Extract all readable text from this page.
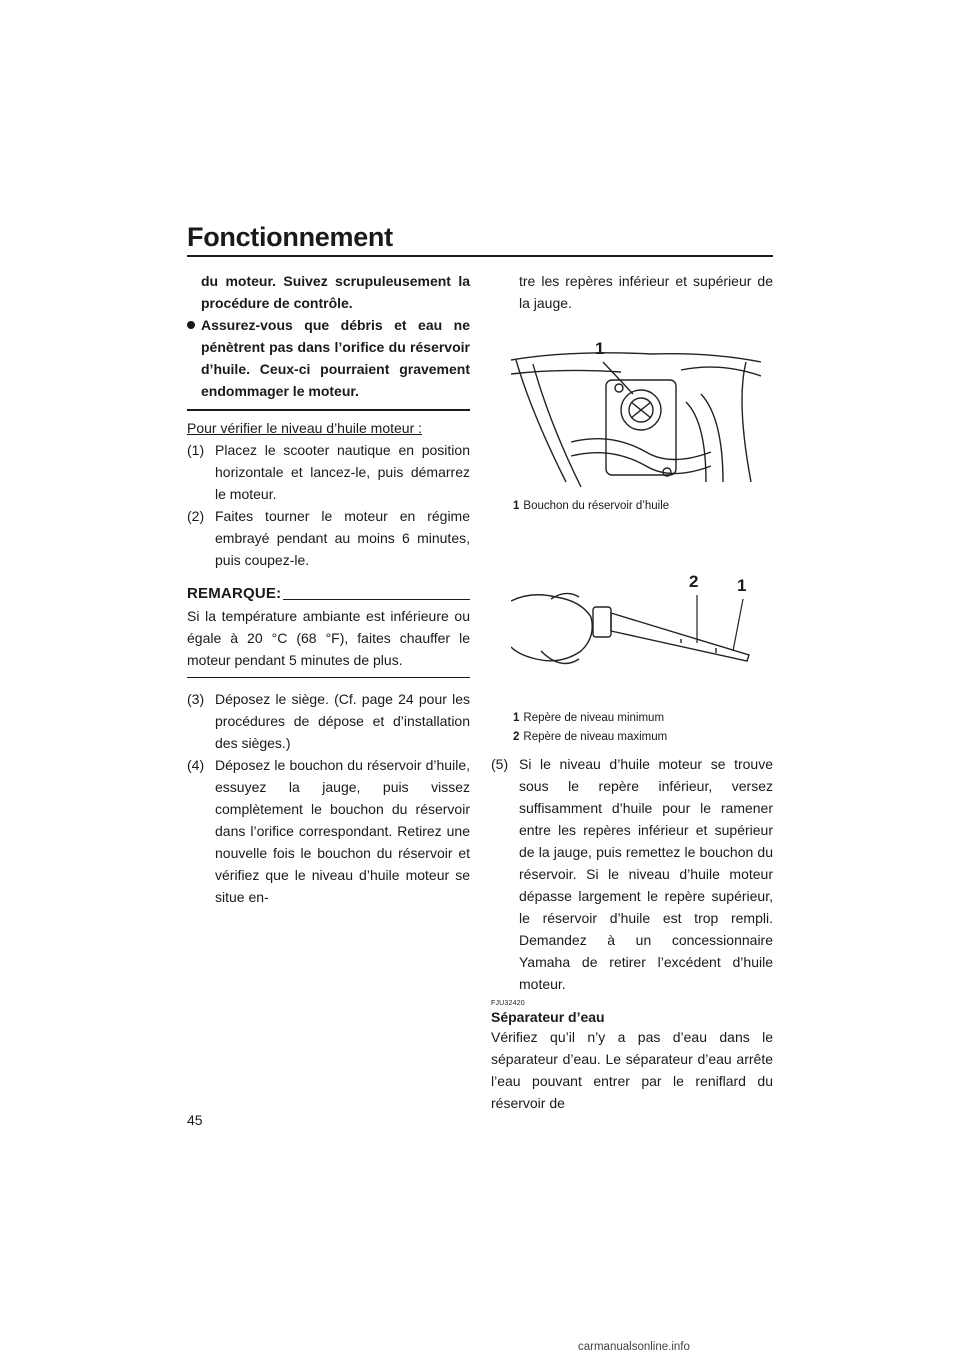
Fonctionnement
du moteur. Suivez scrupuleusement la procédure de contrôle.
Assurez-vous que débris et eau ne pénètrent pas dans l’orifice du réservoir d’huile. Ceux-ci pourraient gravement endommager le moteur.
Pour vérifier le niveau d’huile moteur :
(1) Placez le scooter nautique en position horizontale et lancez-le, puis démarrez le moteur.
(2) Faites tourner le moteur en régime embrayé pendant au moins 6 minutes, puis coupez-le.
REMARQUE:
Si la température ambiante est inférieure ou égale à 20 °C (68 °F), faites chauffer le moteur pendant 5 minutes de plus.
(3) Déposez le siège. (Cf. page 24 pour les procédures de dépose et d’installation des sièges.)
(4) Déposez le bouchon du réservoir d’huile, essuyez la jauge, puis vissez complètement le bouchon du réservoir dans l’orifice correspondant. Retirez une nouvelle fois le bouchon du réservoir et vérifiez que le niveau d’huile moteur se situe en-
tre les repères inférieur et supérieur de la jauge.
1
1 Bouchon du réservoir d’huile
2 1
1 Repère de niveau minimum
2 Repère de niveau maximum
(5) Si le niveau d’huile moteur se trouve sous le repère inférieur, versez suffisamment d’huile pour le ramener entre les repères inférieur et supérieur de la jauge, puis remettez le bouchon du réservoir. Si le niveau d’huile moteur dépasse largement le repère supérieur, le réservoir d’huile est trop rempli. Demandez à un concessionnaire Yamaha de retirer l’excédent d’huile moteur.
FJU32420
Séparateur d’eau
Vérifiez qu’il n’y a pas d’eau dans le séparateur d’eau. Le séparateur d’eau arrête l’eau pouvant entrer par le reniflard du réservoir de
45
carmanualsonline.info
